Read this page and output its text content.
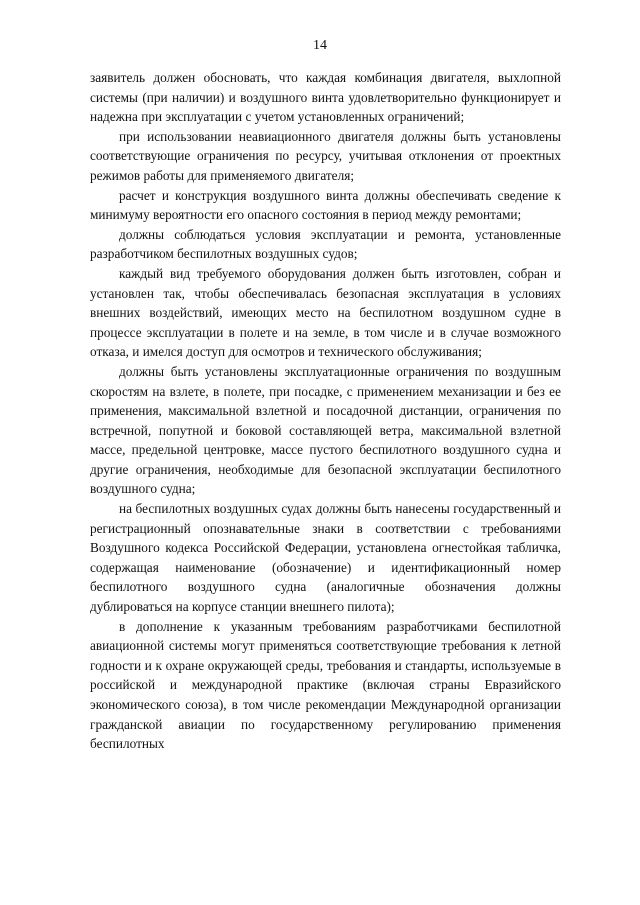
14

заявитель должен обосновать, что каждая комбинация двигателя, выхлопной системы (при наличии) и воздушного винта удовлетворительно функционирует и надежна при эксплуатации с учетом установленных ограничений;

при использовании неавиационного двигателя должны быть установлены соответствующие ограничения по ресурсу, учитывая отклонения от проектных режимов работы для применяемого двигателя;

расчет и конструкция воздушного винта должны обеспечивать сведение к минимуму вероятности его опасного состояния в период между ремонтами;

должны соблюдаться условия эксплуатации и ремонта, установленные разработчиком беспилотных воздушных судов;

каждый вид требуемого оборудования должен быть изготовлен, собран и установлен так, чтобы обеспечивалась безопасная эксплуатация в условиях внешних воздействий, имеющих место на беспилотном воздушном судне в процессе эксплуатации в полете и на земле, в том числе и в случае возможного отказа, и имелся доступ для осмотров и технического обслуживания;

должны быть установлены эксплуатационные ограничения по воздушным скоростям на взлете, в полете, при посадке, с применением механизации и без ее применения, максимальной взлетной и посадочной дистанции, ограничения по встречной, попутной и боковой составляющей ветра, максимальной взлетной массе, предельной центровке, массе пустого беспилотного воздушного судна и другие ограничения, необходимые для безопасной эксплуатации беспилотного воздушного судна;

на беспилотных воздушных судах должны быть нанесены государственный и регистрационный опознавательные знаки в соответствии с требованиями Воздушного кодекса Российской Федерации, установлена огнестойкая табличка, содержащая наименование (обозначение) и идентификационный номер беспилотного воздушного судна (аналогичные обозначения должны дублироваться на корпусе станции внешнего пилота);

в дополнение к указанным требованиям разработчиками беспилотной авиационной системы могут применяться соответствующие требования к летной годности и к охране окружающей среды, требования и стандарты, используемые в российской и международной практике (включая страны Евразийского экономического союза), в том числе рекомендации Международной организации гражданской авиации по государственному регулированию применения беспилотных
